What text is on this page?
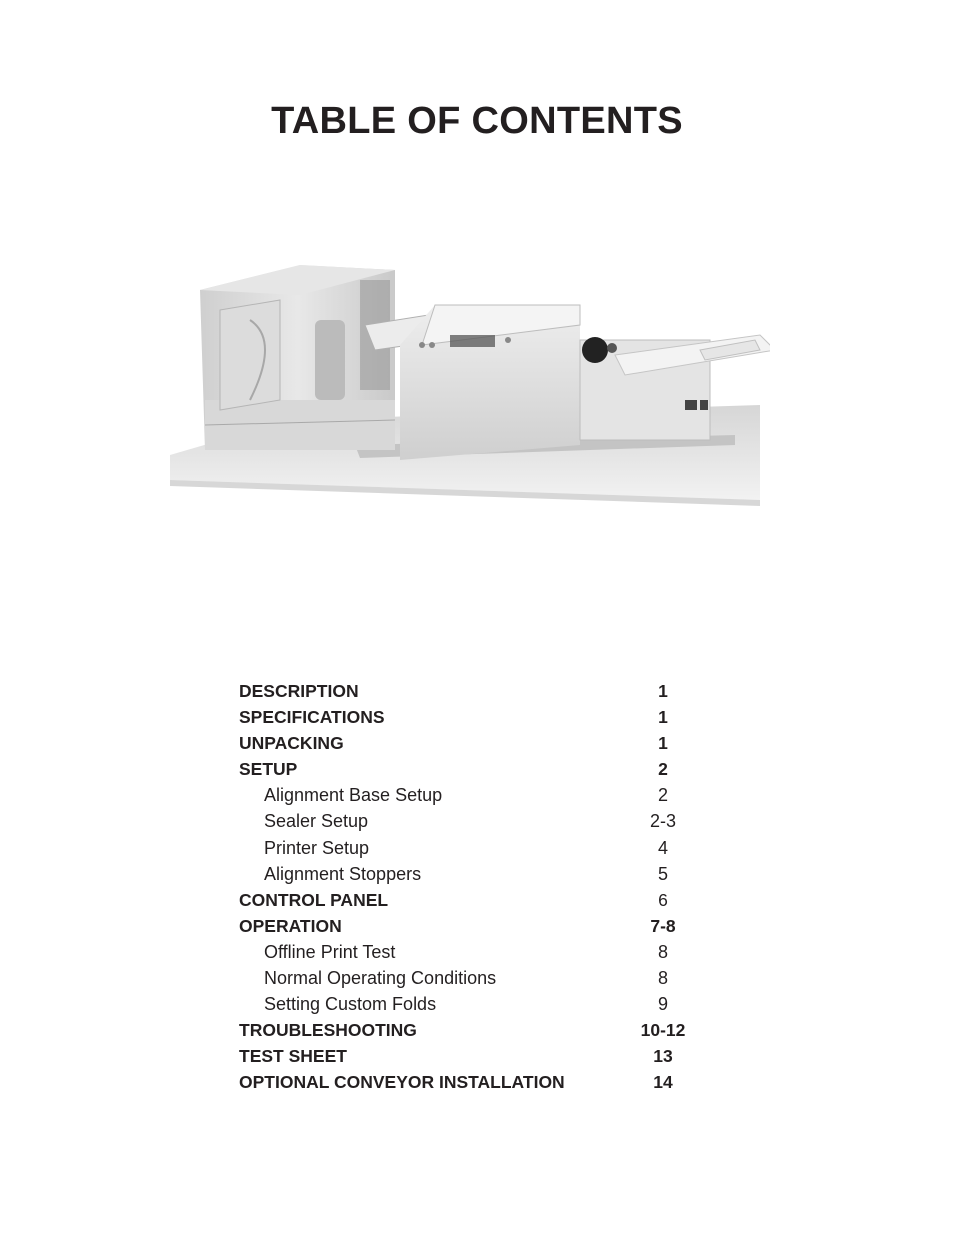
TABLE OF CONTENTS
DESCRIPTION	1
SPECIFICATIONS	1
UNPACKING	1
SETUP	2
Alignment Base Setup	2
Sealer Setup	2-3
Printer Setup	4
Alignment Stoppers	5
CONTROL PANEL	6
OPERATION	7-8
Offline Print Test	8
Normal Operating Conditions	8
Setting Custom Folds	9
TROUBLESHOOTING	10-12
TEST SHEET	13
OPTIONAL CONVEYOR INSTALLATION	14
